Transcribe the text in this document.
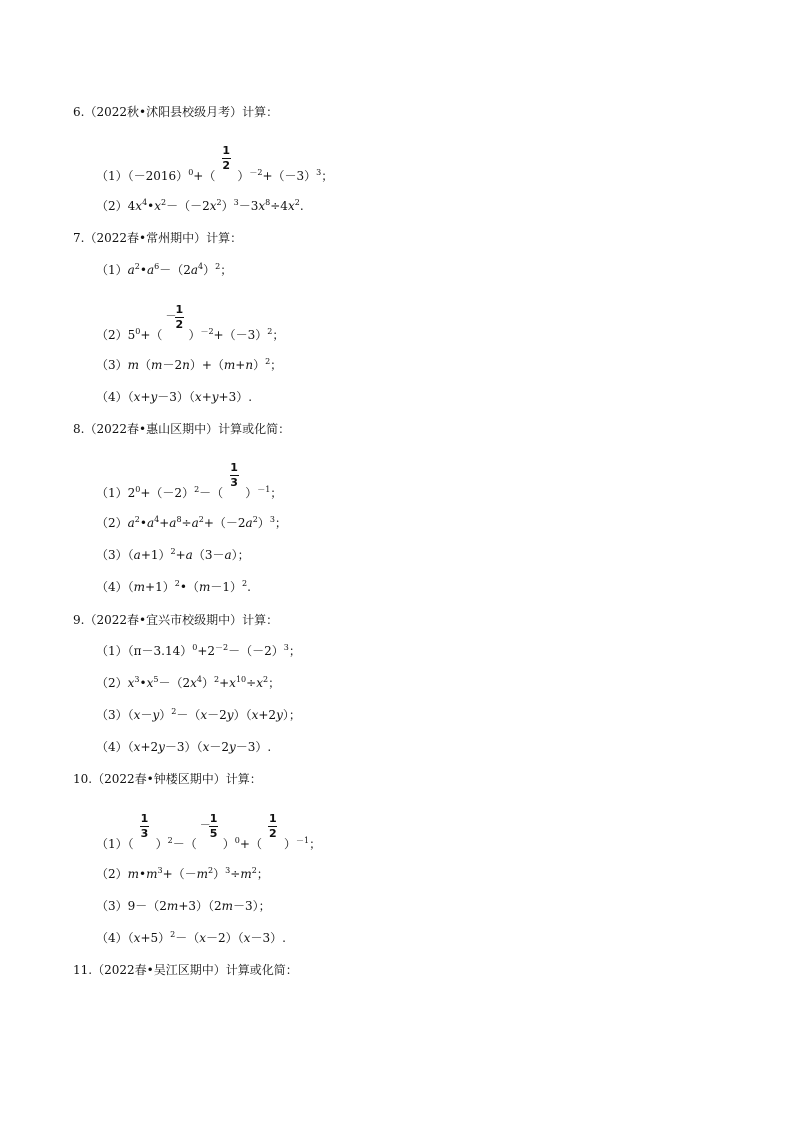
6.（2022秋•沭阳县校级月考）计算：
$(1)(-2016)^0+$（
1
2
）$^{-2}+(-3)^3$；
$(2)4x^4•x^2-(-2x^2)^3-3x^8\div 4x^2$.
7.（2022春•常州期中）计算：
$(1)a^2•a^6-(2a^4)^2$；
$(2)5^0+$（
－ 1
2
）$^{-2}+(-3)^2$；
$(3)m(m-2n)+(m+n)^2$；
（4）（x+y－3）（x+y+3）.
8.（2022春•惠山区期中）计算或化简：
$(1)2^0+(-2)^2-$（
1
3
）$^{-1}$；
$(2)a^2•a^4+a^8\div a^2+(-2a^2)^3$；
$(3)(a+1)^2+a(3-a)$；
$(4)(m+1)^2•(m-1)^2$.
9.（2022春•宜兴市校级期中）计算：
$(1)(\pi-3.14)^0+2^{-2}-(-2)^3$；
$(2)x^3•x^5-(2x^4)^2+x^{10}\div x^2$；
$(3)(x-y)^2-(x-2y)(x+2y)$；
（4）（x+2y－3）（x－2y－3）.
10.（2022春•钟楼区期中）计算：
（1）（
1
3
）$^2$－（
－ 1
5
）$^0$+（
1
2
）$^{-1}$；
$(2)m•m^3+(-m^2)^3\div m^2$；
（3）9－（2m+3）（2m－3）；
$(4)(x+5)^2-(x-2)(x-3)$.
11.（2022春•吴江区期中）计算或化简：
